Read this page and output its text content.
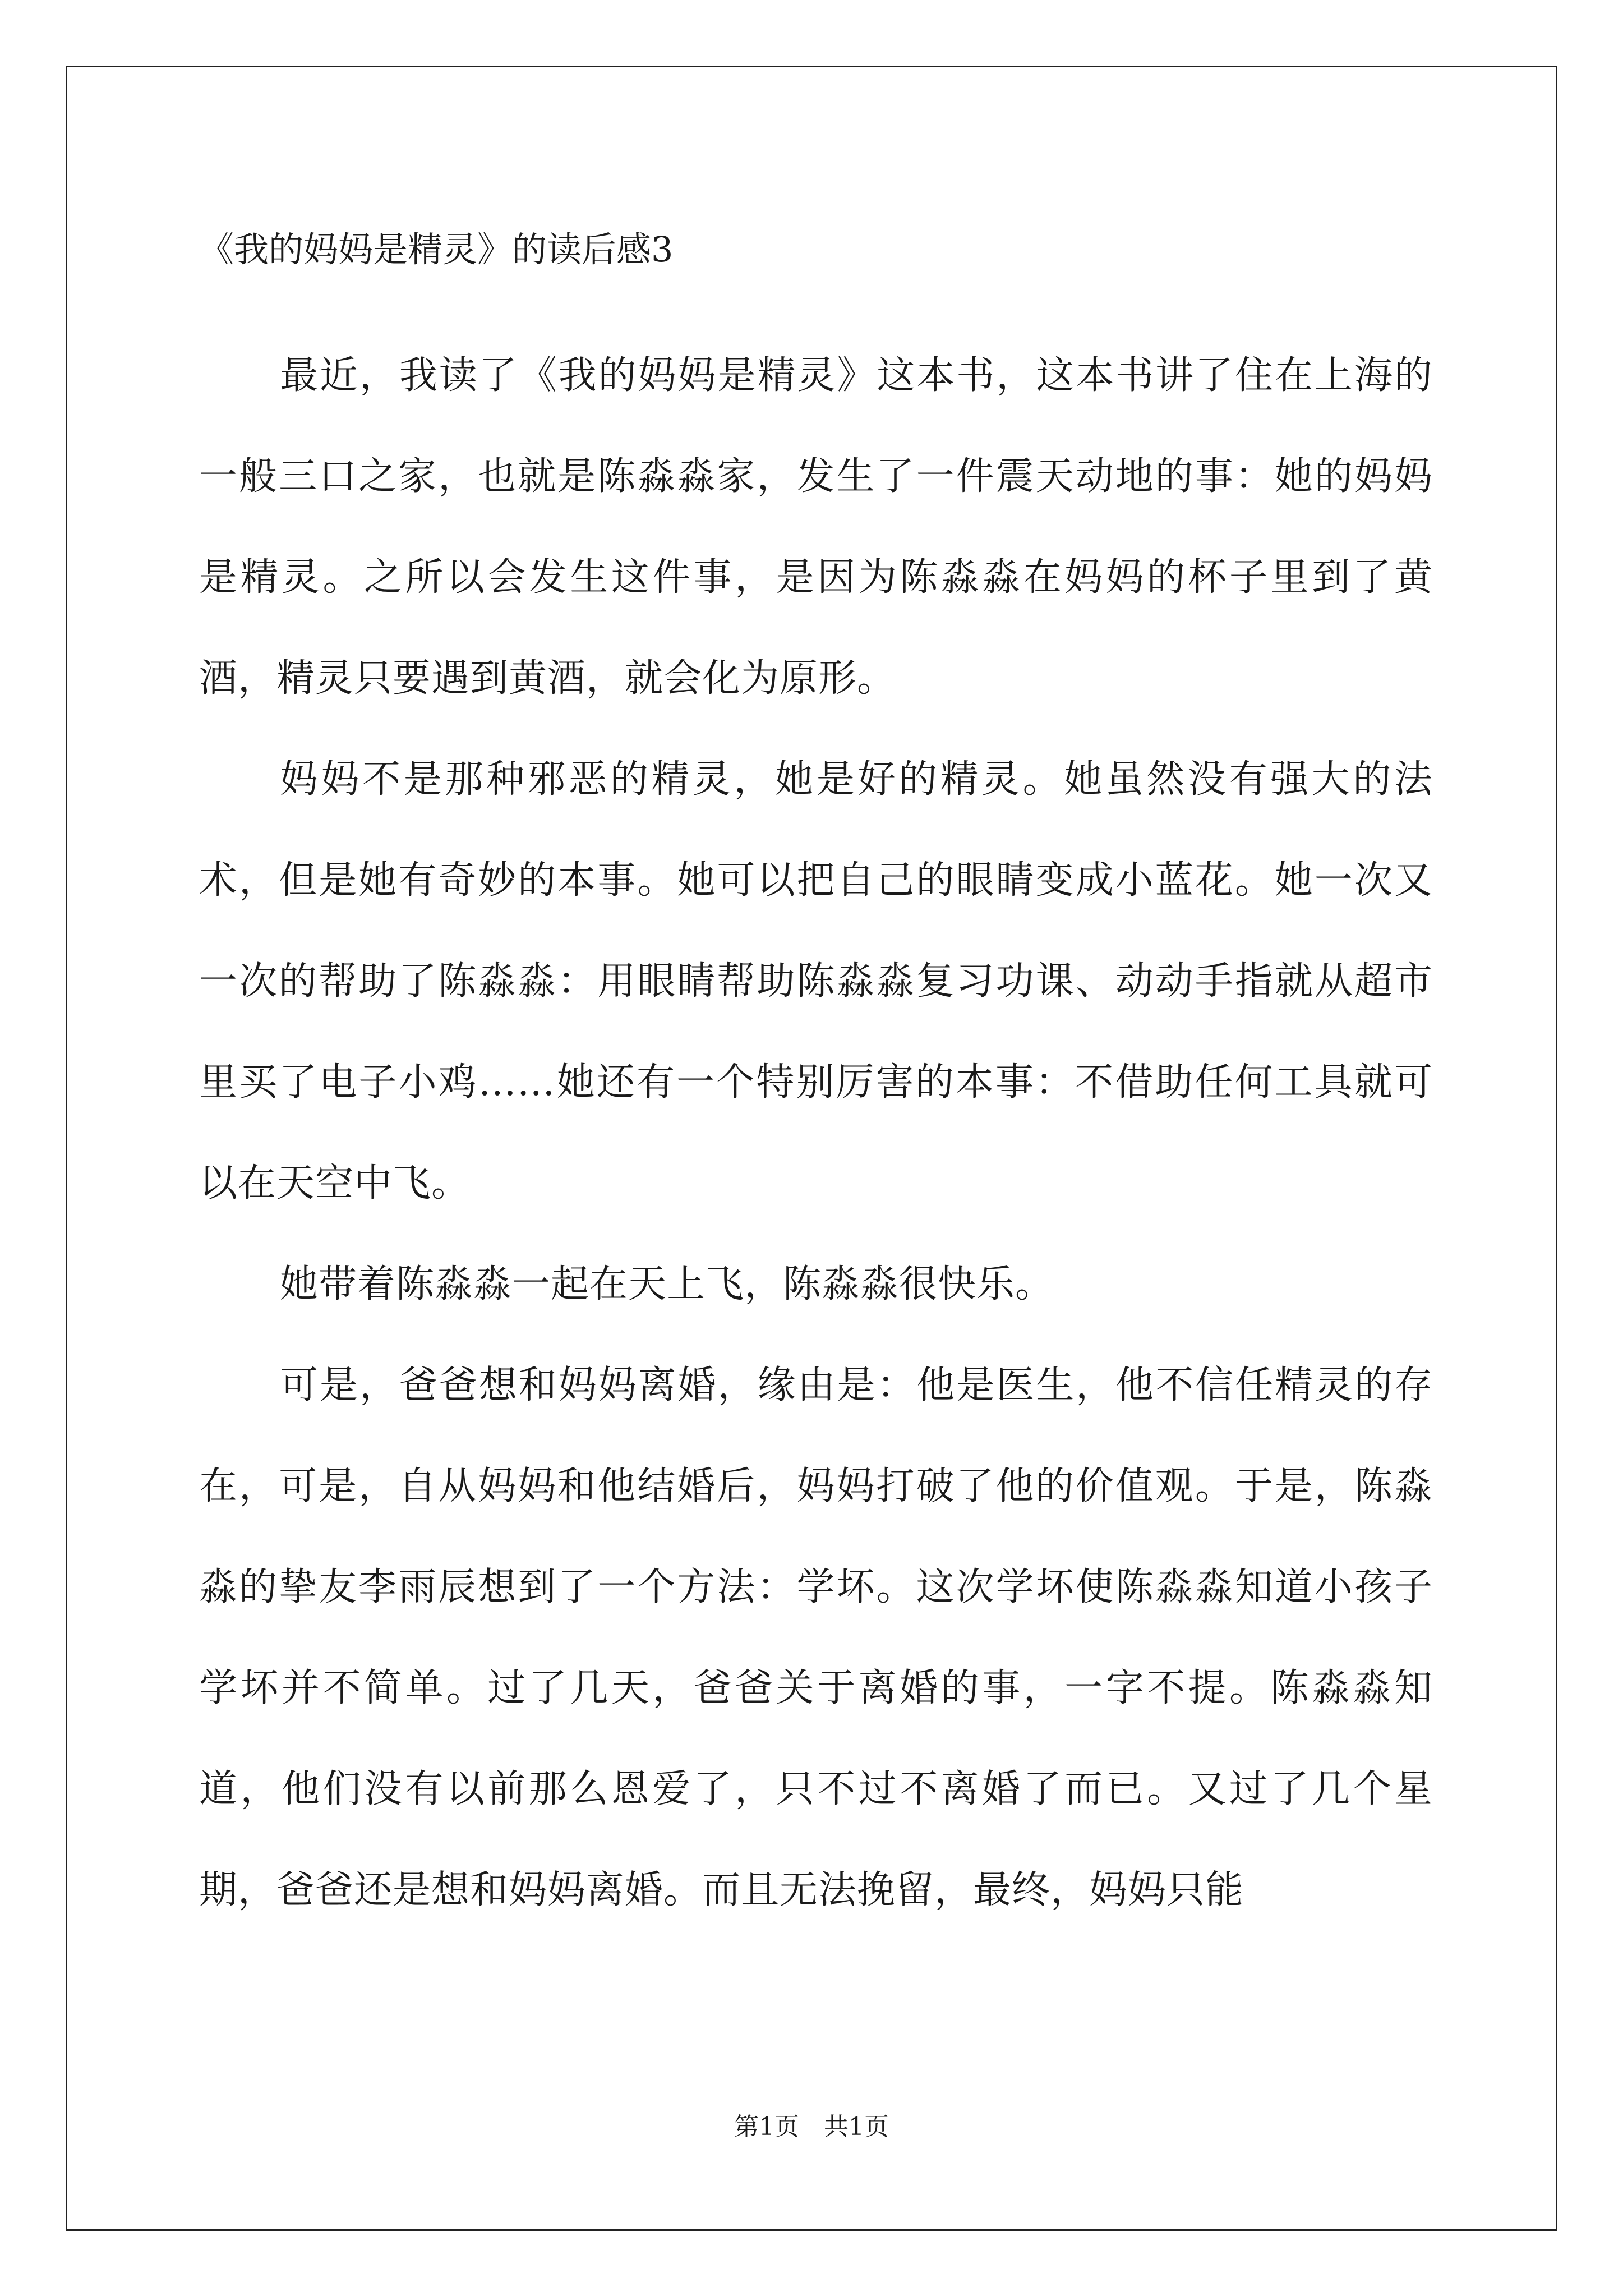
《我的妈妈是精灵》的读后感3

最近，我读了《我的妈妈是精灵》这本书，这本书讲了住在上海的一般三口之家，也就是陈淼淼家，发生了一件震天动地的事：她的妈妈是精灵。之所以会发生这件事，是因为陈淼淼在妈妈的杯子里到了黄酒，精灵只要遇到黄酒，就会化为原形。

妈妈不是那种邪恶的精灵，她是好的精灵。她虽然没有强大的法术，但是她有奇妙的本事。她可以把自己的眼睛变成小蓝花。她一次又一次的帮助了陈淼淼：用眼睛帮助陈淼淼复习功课、动动手指就从超市里买了电子小鸡……她还有一个特别厉害的本事：不借助任何工具就可以在天空中飞。

她带着陈淼淼一起在天上飞，陈淼淼很快乐。

可是，爸爸想和妈妈离婚，缘由是：他是医生，他不信任精灵的存在，可是，自从妈妈和他结婚后，妈妈打破了他的价值观。于是，陈淼淼的挚友李雨辰想到了一个方法：学坏。这次学坏使陈淼淼知道小孩子学坏并不简单。过了几天，爸爸关于离婚的事，一字不提。陈淼淼知道，他们没有以前那么恩爱了，只不过不离婚了而已。又过了几个星期，爸爸还是想和妈妈离婚。而且无法挽留，最终，妈妈只能

第1页　共1页
